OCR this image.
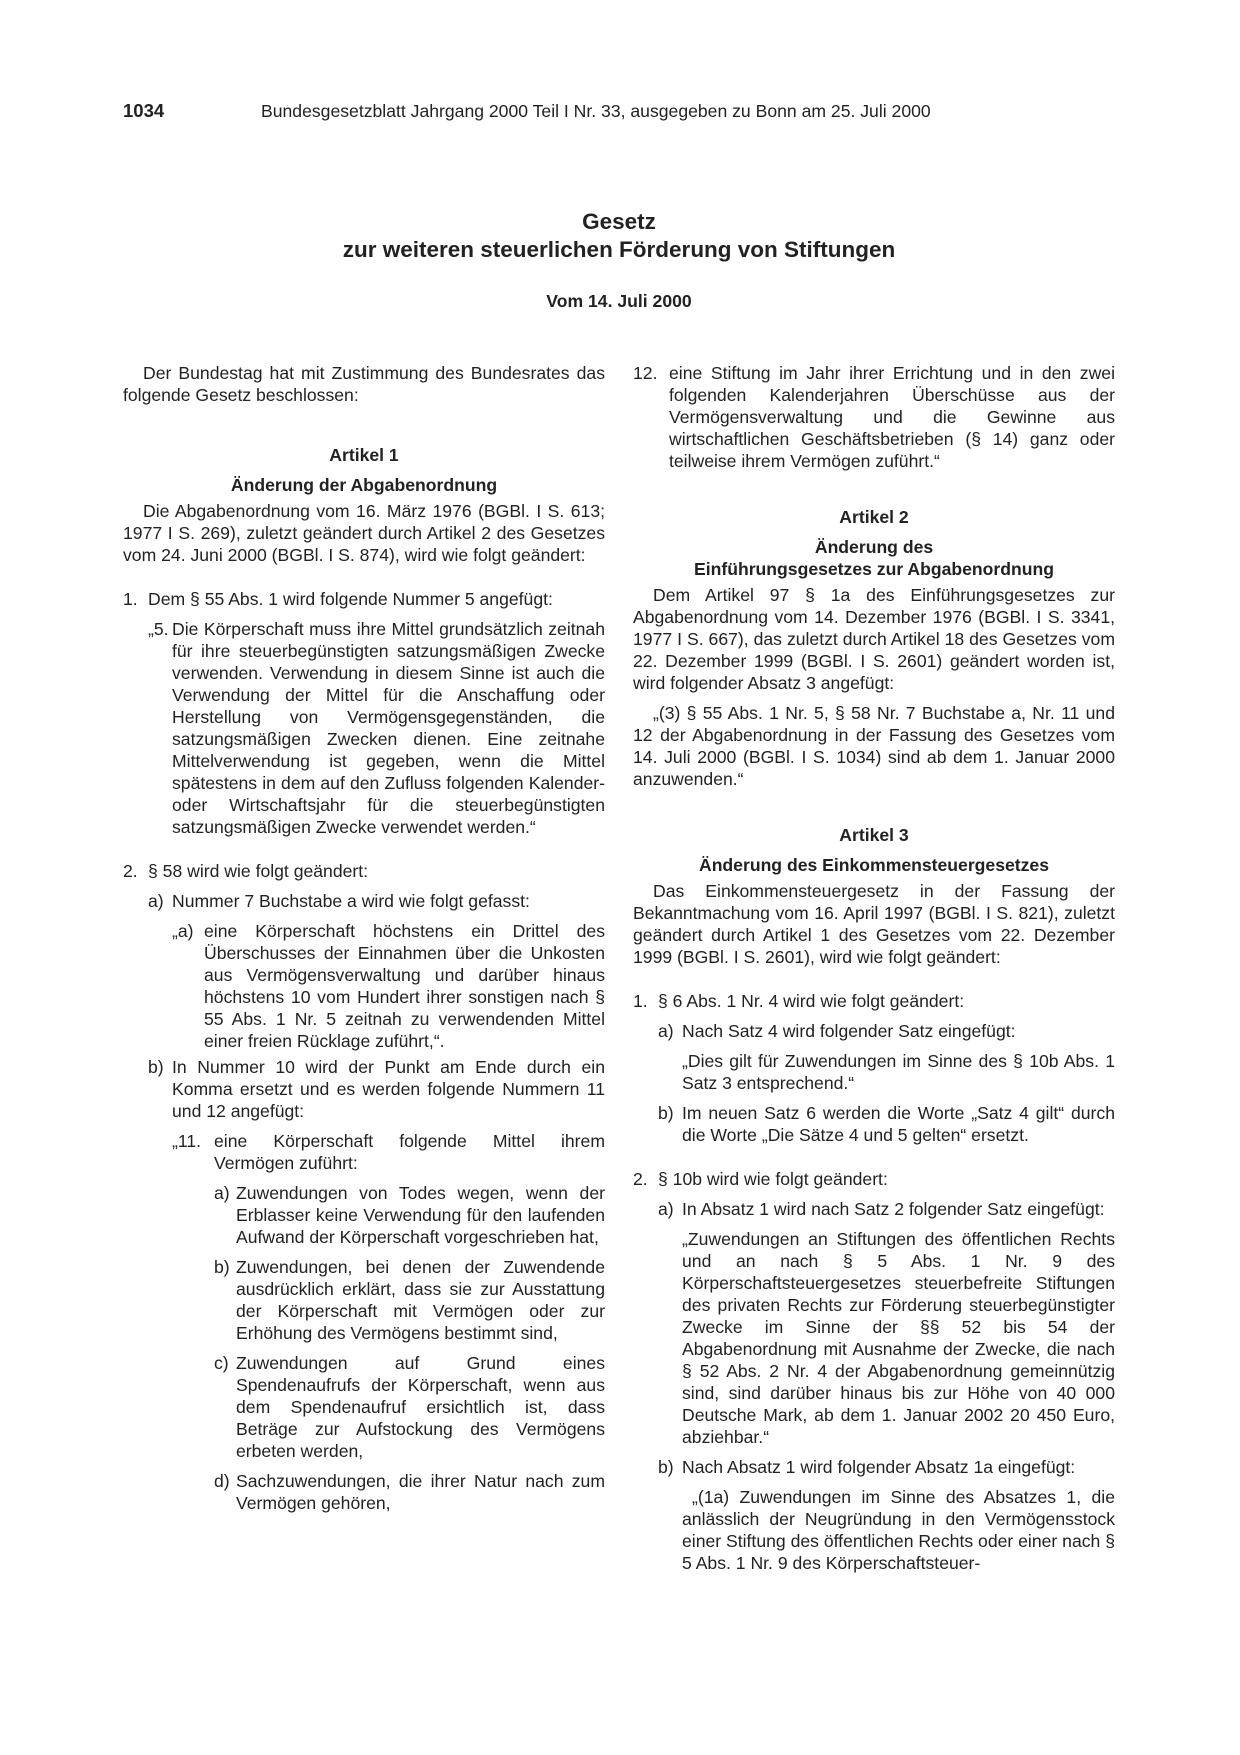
1034	Bundesgesetzblatt Jahrgang 2000 Teil I Nr. 33, ausgegeben zu Bonn am 25. Juli 2000

Gesetz

zur weiteren steuerlichen Förderung von Stiftungen

Vom 14. Juli 2000

Der Bundestag hat mit Zustimmung des Bundesrates das folgende Gesetz beschlossen:

Artikel 1

Änderung der Abgabenordnung

Die Abgabenordnung vom 16. März 1976 (BGBl. I S. 613; 1977 I S. 269), zuletzt geändert durch Artikel 2 des Gesetzes vom 24. Juni 2000 (BGBl. I S. 874), wird wie folgt geändert:

1. Dem § 55 Abs. 1 wird folgende Nummer 5 angefügt:

„5. Die Körperschaft muss ihre Mittel grundsätzlich zeitnah für ihre steuerbegünstigten satzungsmäßigen Zwecke verwenden. Verwendung in diesem Sinne ist auch die Verwendung der Mittel für die Anschaffung oder Herstellung von Vermögensgegenständen, die satzungsmäßigen Zwecken dienen. Eine zeitnahe Mittelverwendung ist gegeben, wenn die Mittel spätestens in dem auf den Zufluss folgenden Kalender- oder Wirtschaftsjahr für die steuerbegünstigten satzungsmäßigen Zwecke verwendet werden.“

2. § 58 wird wie folgt geändert:

a) Nummer 7 Buchstabe a wird wie folgt gefasst:

„a) eine Körperschaft höchstens ein Drittel des Überschusses der Einnahmen über die Unkosten aus Vermögensverwaltung und darüber hinaus höchstens 10 vom Hundert ihrer sonstigen nach § 55 Abs. 1 Nr. 5 zeitnah zu verwendenden Mittel einer freien Rücklage zuführt,“.

b) In Nummer 10 wird der Punkt am Ende durch ein Komma ersetzt und es werden folgende Nummern 11 und 12 angefügt:

„11. eine Körperschaft folgende Mittel ihrem Vermögen zuführt:

a) Zuwendungen von Todes wegen, wenn der Erblasser keine Verwendung für den laufenden Aufwand der Körperschaft vorgeschrieben hat,

b) Zuwendungen, bei denen der Zuwendende ausdrücklich erklärt, dass sie zur Ausstattung der Körperschaft mit Vermögen oder zur Erhöhung des Vermögens bestimmt sind,

c) Zuwendungen auf Grund eines Spendenaufrufs der Körperschaft, wenn aus dem Spendenaufruf ersichtlich ist, dass Beträge zur Aufstockung des Vermögens erbeten werden,

d) Sachzuwendungen, die ihrer Natur nach zum Vermögen gehören,

12. eine Stiftung im Jahr ihrer Errichtung und in den zwei folgenden Kalenderjahren Überschüsse aus der Vermögensverwaltung und die Gewinne aus wirtschaftlichen Geschäftsbetrieben (§ 14) ganz oder teilweise ihrem Vermögen zuführt.“

Artikel 2

Änderung des

Einführungsgesetzes zur Abgabenordnung

Dem Artikel 97 § 1a des Einführungsgesetzes zur Abgabenordnung vom 14. Dezember 1976 (BGBl. I S. 3341, 1977 I S. 667), das zuletzt durch Artikel 18 des Gesetzes vom 22. Dezember 1999 (BGBl. I S. 2601) geändert worden ist, wird folgender Absatz 3 angefügt:

„(3) § 55 Abs. 1 Nr. 5, § 58 Nr. 7 Buchstabe a, Nr. 11 und 12 der Abgabenordnung in der Fassung des Gesetzes vom 14. Juli 2000 (BGBl. I S. 1034) sind ab dem 1. Januar 2000 anzuwenden.“

Artikel 3

Änderung des Einkommensteuergesetzes

Das Einkommensteuergesetz in der Fassung der Bekanntmachung vom 16. April 1997 (BGBl. I S. 821), zuletzt geändert durch Artikel 1 des Gesetzes vom 22. Dezember 1999 (BGBl. I S. 2601), wird wie folgt geändert:

1. § 6 Abs. 1 Nr. 4 wird wie folgt geändert:

a) Nach Satz 4 wird folgender Satz eingefügt:

„Dies gilt für Zuwendungen im Sinne des § 10b Abs. 1 Satz 3 entsprechend.“

b) Im neuen Satz 6 werden die Worte „Satz 4 gilt“ durch die Worte „Die Sätze 4 und 5 gelten“ ersetzt.

2. § 10b wird wie folgt geändert:

a) In Absatz 1 wird nach Satz 2 folgender Satz eingefügt:

„Zuwendungen an Stiftungen des öffentlichen Rechts und an nach § 5 Abs. 1 Nr. 9 des Körperschaftsteuergesetzes steuerbefreite Stiftungen des privaten Rechts zur Förderung steuerbegünstigter Zwecke im Sinne der §§ 52 bis 54 der Abgabenordnung mit Ausnahme der Zwecke, die nach § 52 Abs. 2 Nr. 4 der Abgabenordnung gemeinnützig sind, sind darüber hinaus bis zur Höhe von 40 000 Deutsche Mark, ab dem 1. Januar 2002 20 450 Euro, abziehbar.“

b) Nach Absatz 1 wird folgender Absatz 1a eingefügt:

„(1a) Zuwendungen im Sinne des Absatzes 1, die anlässlich der Neugründung in den Vermögensstock einer Stiftung des öffentlichen Rechts oder einer nach § 5 Abs. 1 Nr. 9 des Körperschaftsteuer-
